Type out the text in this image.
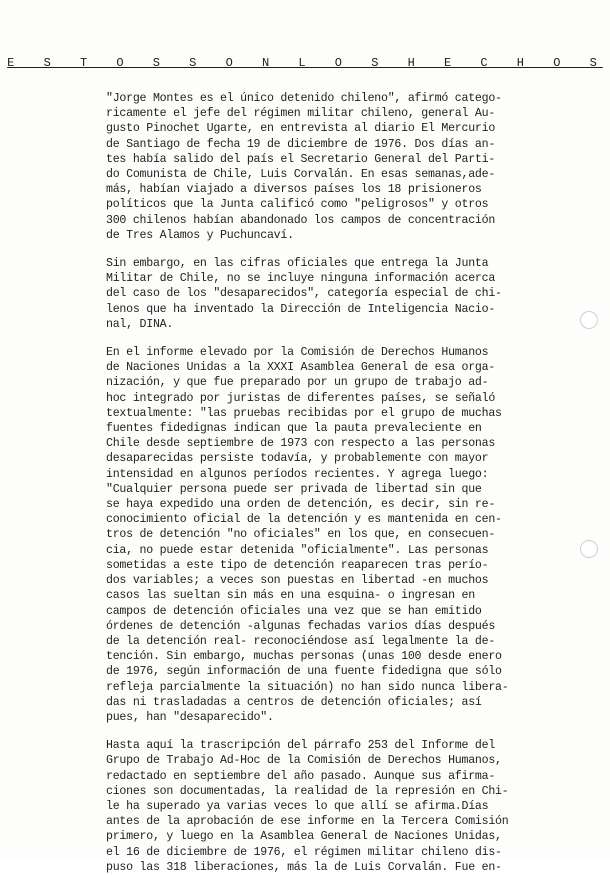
E S T O S S O N L O S H E C H O S

"Jorge Montes es el único detenido chileno", afirmó catego-
ricamente el jefe del régimen militar chileno, general Au-
gusto Pinochet Ugarte, en entrevista al diario El Mercurio
de Santiago de fecha 19 de diciembre de 1976. Dos días an-
tes había salido del país el Secretario General del Parti-
do Comunista de Chile, Luis Corvalán. En esas semanas,ade-
más, habían viajado a diversos países los 18 prisioneros
políticos que la Junta calificó como "peligrosos" y otros
300 chilenos habían abandonado los campos de concentración
de Tres Alamos y Puchuncaví.

Sin embargo, en las cifras oficiales que entrega la Junta
Militar de Chile, no se incluye ninguna información acerca
del caso de los "desaparecidos", categoría especial de chi-
lenos que ha inventado la Dirección de Inteligencia Nacio-
nal, DINA.

En el informe elevado por la Comisión de Derechos Humanos
de Naciones Unidas a la XXXI Asamblea General de esa orga-
nización, y que fue preparado por un grupo de trabajo ad-
hoc integrado por juristas de diferentes países, se señaló
textualmente: "las pruebas recibidas por el grupo de muchas
fuentes fidedignas indican que la pauta prevaleciente en
Chile desde septiembre de 1973 con respecto a las personas
desaparecidas persiste todavía, y probablemente con mayor
intensidad en algunos períodos recientes. Y agrega luego:
"Cualquier persona puede ser privada de libertad sin que
se haya expedido una orden de detención, es decir, sin re-
conocimiento oficial de la detención y es mantenida en cen-
tros de detención "no oficiales" en los que, en consecuen-
cia, no puede estar detenida "oficialmente". Las personas
sometidas a este tipo de detención reaparecen tras perío-
dos variables; a veces son puestas en libertad -en muchos
casos las sueltan sin más en una esquina- o ingresan en
campos de detención oficiales una vez que se han emitido
órdenes de detención -algunas fechadas varios días después
de la detención real- reconociéndose así legalmente la de-
tención. Sin embargo, muchas personas (unas 100 desde enero
de 1976, según información de una fuente fidedigna que sólo
refleja parcialmente la situación) no han sido nunca libera-
das ni trasladadas a centros de detención oficiales; así
pues, han "desaparecido".

Hasta aquí la trascripción del párrafo 253 del Informe del
Grupo de Trabajo Ad-Hoc de la Comisión de Derechos Humanos,
redactado en septiembre del año pasado. Aunque sus afirma-
ciones son documentadas, la realidad de la represión en Chi-
le ha superado ya varias veces lo que allí se afirma.Días
antes de la aprobación de ese informe en la Tercera Comisión
primero, y luego en la Asamblea General de Naciones Unidas,
el 16 de diciembre de 1976, el régimen militar chileno dis-
puso las 318 liberaciones, más la de Luis Corvalán. Fue en-
